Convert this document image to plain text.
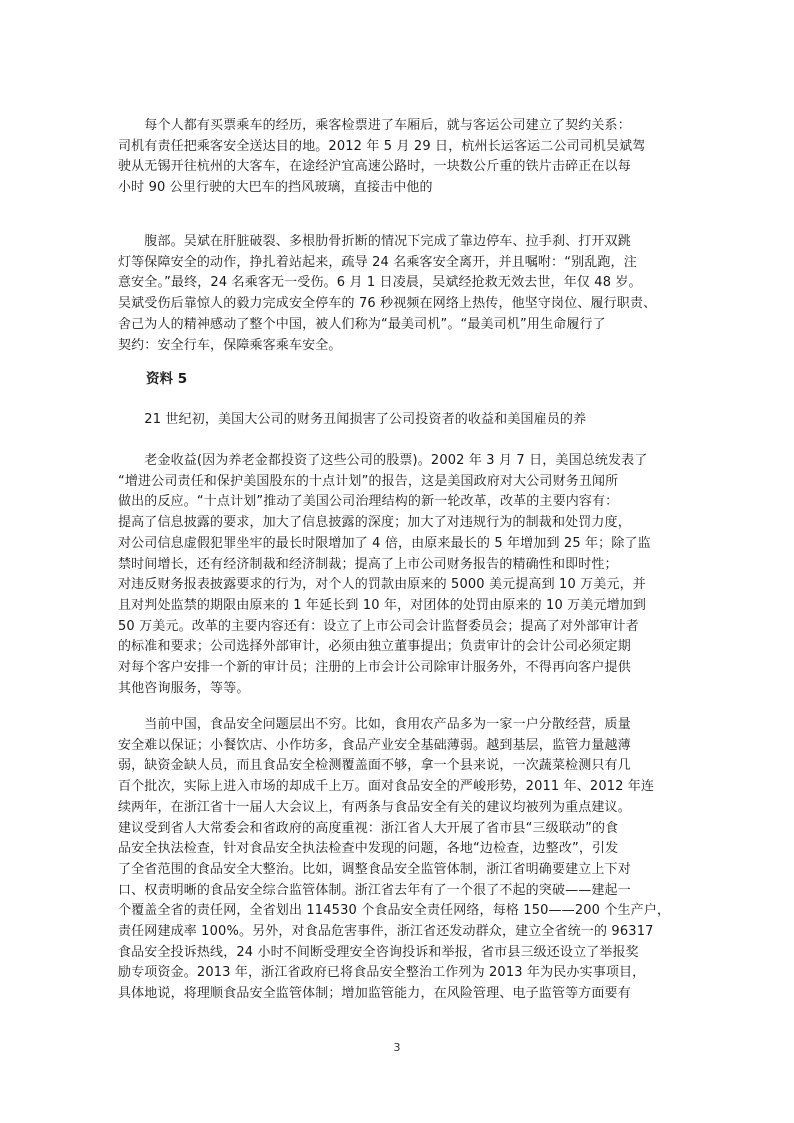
　　每个人都有买票乘车的经历，乘客检票进了车厢后，就与客运公司建立了契约关系：
司机有责任把乘客安全送达目的地。2012 年 5 月 29 日，杭州长运客运二公司司机吴斌驾
驶从无锡开往杭州的大客车，在途经沪宜高速公路时，一块数公斤重的铁片击碎正在以每
小时 90 公里行驶的大巴车的挡风玻璃，直接击中他的
　　腹部。吴斌在肝脏破裂、多根肋骨折断的情况下完成了靠边停车、拉手刹、打开双跳
灯等保障安全的动作，挣扎着站起来，疏导 24 名乘客安全离开，并且嘱咐：“别乱跑，注
意安全。”最终，24 名乘客无一受伤。6 月 1 日凌晨，吴斌经抢救无效去世，年仅 48 岁。
吴斌受伤后靠惊人的毅力完成安全停车的 76 秒视频在网络上热传，他坚守岗位、履行职责、
舍己为人的精神感动了整个中国，被人们称为“最美司机”。“最美司机”用生命履行了
契约：安全行车，保障乘客乘车安全。
资料 5
　　21 世纪初，美国大公司的财务丑闻损害了公司投资者的收益和美国雇员的养
　　老金收益(因为养老金都投资了这些公司的股票)。2002 年 3 月 7 日，美国总统发表了
“增进公司责任和保护美国股东的十点计划”的报告，这是美国政府对大公司财务丑闻所
做出的反应。“十点计划”推动了美国公司治理结构的新一轮改革，改革的主要内容有：
提高了信息披露的要求，加大了信息披露的深度；加大了对违规行为的制裁和处罚力度，
对公司信息虚假犯罪坐牢的最长时限增加了 4 倍，由原来最长的 5 年增加到 25 年；除了监
禁时间增长，还有经济制裁和经济制裁；提高了上市公司财务报告的精确性和即时性；
对违反财务报表披露要求的行为，对个人的罚款由原来的 5000 美元提高到 10 万美元，并
且对判处监禁的期限由原来的 1 年延长到 10 年，对团体的处罚由原来的 10 万美元增加到
50 万美元。改革的主要内容还有：设立了上市公司会计监督委员会；提高了对外部审计者
的标准和要求；公司选择外部审计，必须由独立董事提出；负责审计的会计公司必须定期
对每个客户安排一个新的审计员；注册的上市会计公司除审计服务外，不得再向客户提供
其他咨询服务，等等。
　　当前中国，食品安全问题层出不穷。比如，食用农产品多为一家一户分散经营，质量
安全难以保证；小餐饮店、小作坊多，食品产业安全基础薄弱。越到基层，监管力量越薄
弱，缺资金缺人员，而且食品安全检测覆盖面不够，拿一个县来说，一次蔬菜检测只有几
百个批次，实际上进入市场的却成千上万。面对食品安全的严峻形势，2011 年、2012 年连
续两年，在浙江省十一届人大会议上，有两条与食品安全有关的建议均被列为重点建议。
建议受到省人大常委会和省政府的高度重视：浙江省人大开展了省市县“三级联动”的食
品安全执法检查，针对食品安全执法检查中发现的问题，各地“边检查，边整改”，引发
了全省范围的食品安全大整治。比如，调整食品安全监管体制，浙江省明确要建立上下对
口、权责明晰的食品安全综合监管体制。浙江省去年有了一个很了不起的突破——建起一
个覆盖全省的责任网，全省划出 114530 个食品安全责任网络，每格 150——200 个生产户，
责任网建成率 100%。另外，对食品危害事件，浙江省还发动群众，建立全省统一的 96317
食品安全投诉热线，24 小时不间断受理安全咨询投诉和举报，省市县三级还设立了举报奖
励专项资金。2013 年，浙江省政府已将食品安全整治工作列为 2013 年为民办实事项目，
具体地说，将理顺食品安全监管体制；增加监管能力，在风险管理、电子监管等方面要有
3
